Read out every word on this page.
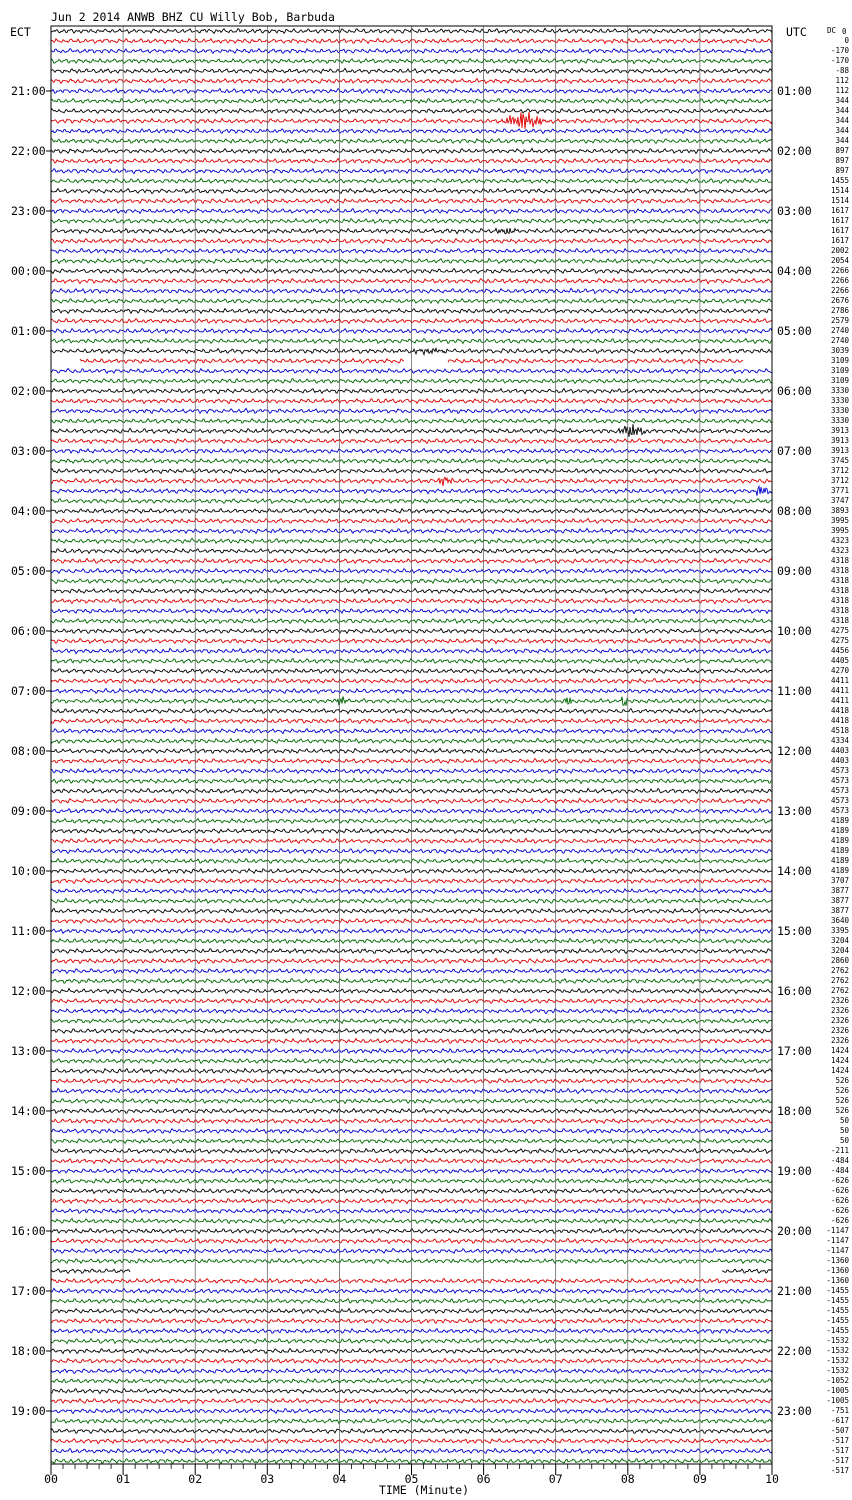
00	01	02	03	04	05	06	07	08	09	10
21:00
22:00
23:00
00:00
01:00
02:00
03:00
04:00
05:00
06:00
07:00
08:00
09:00
10:00
11:00
12:00
13:00
14:00
15:00
16:00
17:00
18:00
19:00
01:00
02:00
03:00
04:00
05:00
06:00
07:00
08:00
09:00
10:00
11:00
12:00
13:00
14:00
15:00
16:00
17:00
18:00
19:00
20:00
21:00
22:00
23:00
0
-170
-170
-88
112
112
344
344
344
344
344
897
897
897
1455
1514
1514
1617
1617
1617
1617
2002
2054
2266
2266
2266
2676
2786
2579
2740
2740
3039
3109
3109
3109
3330
3330
3330
3330
3913
3913
3913
3745
3712
3712
3771
3747
3893
3995
3995
4323
4323
4318
4318
4318
4318
4318
4318
4318
4275
4275
4456
4405
4270
4411
4411
4411
4418
4418
4518
4334
4403
4403
4573
4573
4573
4573
4573
4189
4189
4189
4189
4189
4189
3707
3877
3877
3877
3640
3395
3204
3204
2860
2762
2762
2762
2326
2326
2326
2326
2326
1424
1424
1424
526
526
526
526
50
50
50
-211
-484
-484
-626
-626
-626
-626
-626
-1147
-1147
-1147
-1360
-1360
-1360
-1455
-1455
-1455
-1455
-1455
-1532
-1532
-1532
-1532
-1052
-1005
-1005
-751
-617
-507
-517
-517
-517
-517
Jun 2 2014 ANWB BHZ CU Willy Bob, Barbuda
ECT	UTC	DC 0
TIME (Minute)
